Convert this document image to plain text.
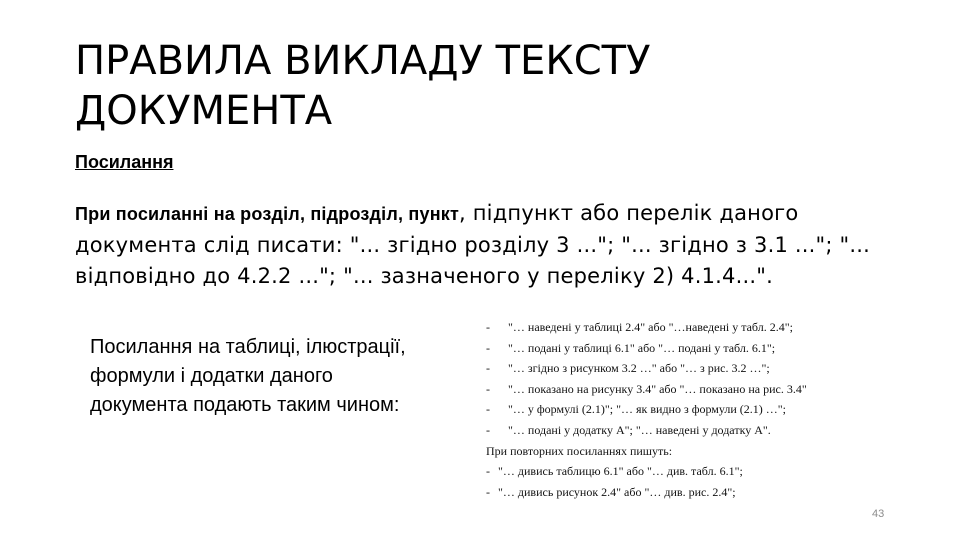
ПРАВИЛА ВИКЛАДУ ТЕКСТУ ДОКУМЕНТА
Посилання
При посиланні на розділ, підрозділ, пункт, підпункт або перелік даного документа слід писати: "... згідно розділу 3 ..."; "... згідно з 3.1 ..."; "... відповідно до 4.2.2 ..."; "... зазначеного у переліку 2) 4.1.4...".
Посилання на таблиці, ілюстрації, формули і додатки даного документа подають таким чином:
- "… наведені у таблиці 2.4" або "…наведені у табл. 2.4";
- "… подані у таблиці 6.1" або "… подані у табл. 6.1";
- "… згідно з рисунком 3.2 …" або "… з рис. 3.2 …";
- "… показано на рисунку 3.4" або "… показано на рис. 3.4"
- "… у формулі (2.1)"; "… як видно з формули (2.1) …";
- "… подані у додатку А"; "… наведені у додатку А".
При повторних посиланнях пишуть:
- "… дивись таблицю 6.1" або "… див. табл. 6.1";
- "… дивись рисунок 2.4" або "… див. рис. 2.4";
43
